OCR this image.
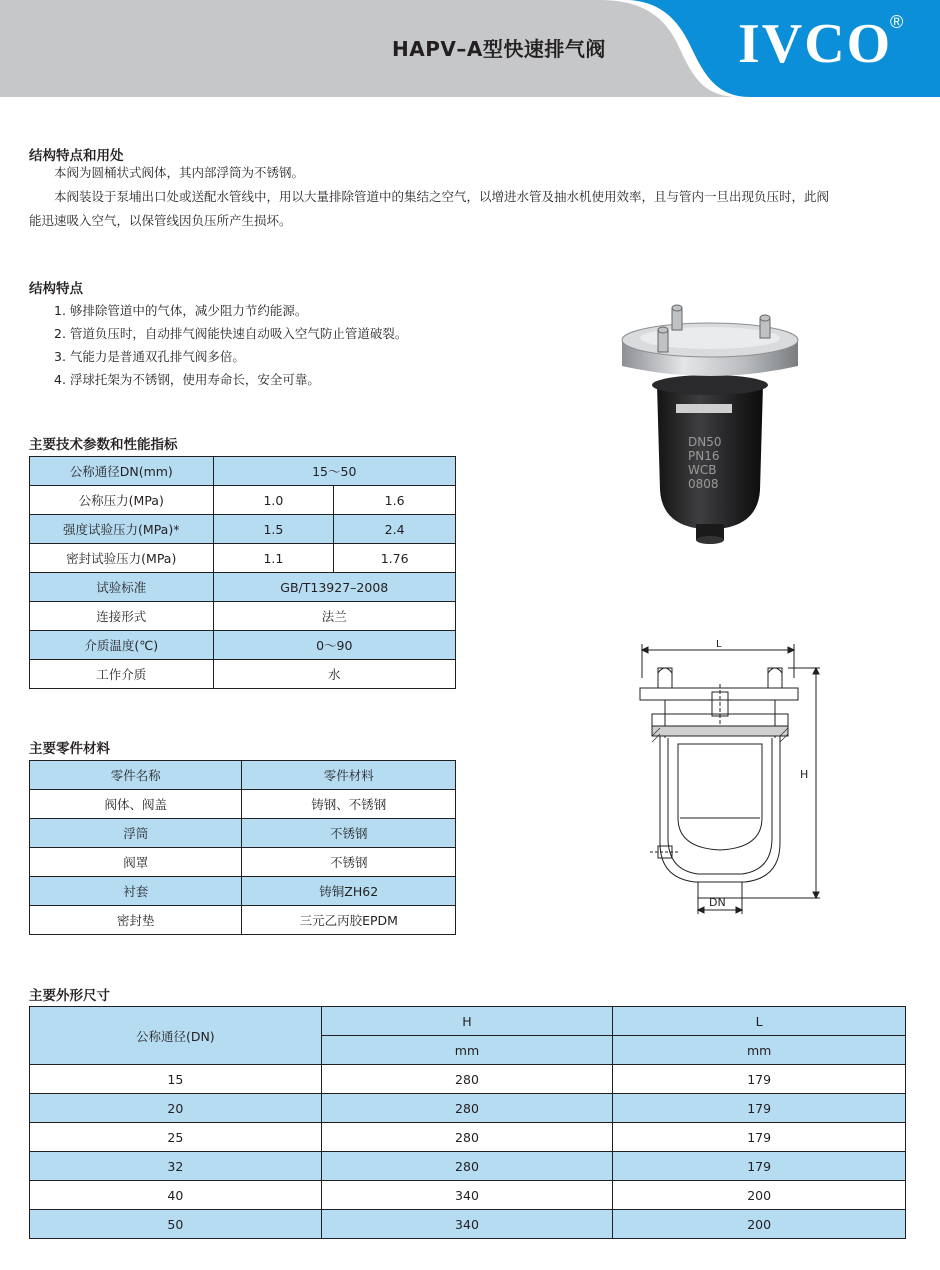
HAPV–A型快速排气阀 IVCO
®
结构特点和用处
本阀为圆桶状式阀体，其内部浮筒为不锈钢。
本阀装设于泵埔出口处或送配水管线中，用以大量排除管道中的集结之空气，以增进水管及抽水机使用效率，且与管内一旦出现负压时，此阀
能迅速吸入空气，以保管线因负压所产生损坏。
结构特点
1. 够排除管道中的气体，减少阻力节约能源。
2. 管道负压时，自动排气阀能快速自动吸入空气防止管道破裂。
3. 气能力是普通双孔排气阀多倍。
4. 浮球托架为不锈钢，使用寿命长，安全可靠。
主要技术参数和性能指标
公称通径DN(mm)	15～50	
公称压力(MPa)	1.0	1.6
强度试验压力(MPa)*	1.5	2.4
密封试验压力(MPa)	1.1	1.76
试验标准	GB/T13927–2008	
连接形式	法兰	
介质温度(℃)	0～90	
工作介质	水	
主要零件材料
零件名称	零件材料
阀体、阀盖	铸钢、不锈钢
浮筒	不锈钢
阀罩	不锈钢
衬套	铸铜ZH62
密封垫	三元乙丙胶EPDM
主要外形尺寸
公称通径(DN)	H	L
	mm	mm
15	280	179
20	280	179
25	280	179
32	280	179
40	340	200
50	340	200
DN50
PN16
WCB
0808
L
H
DN
